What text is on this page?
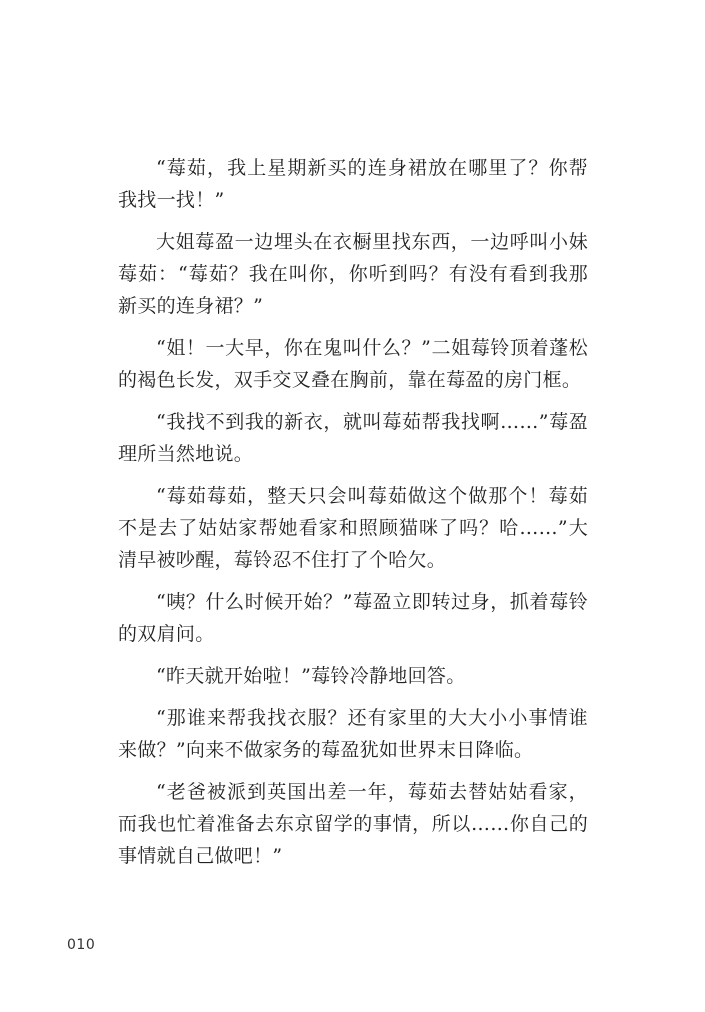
“莓茹，我上星期新买的连身裙放在哪里了？你帮我找一找！”

大姐莓盈一边埋头在衣橱里找东西，一边呼叫小妹莓茹：“莓茹？我在叫你，你听到吗？有没有看到我那新买的连身裙？”

“姐！一大早，你在鬼叫什么？”二姐莓铃顶着蓬松的褐色长发，双手交叉叠在胸前，靠在莓盈的房门框。

“我找不到我的新衣，就叫莓茹帮我找啊……”莓盈理所当然地说。

“莓茹莓茹，整天只会叫莓茹做这个做那个！莓茹不是去了姑姑家帮她看家和照顾猫咪了吗？哈……”大清早被吵醒，莓铃忍不住打了个哈欠。

“咦？什么时候开始？”莓盈立即转过身，抓着莓铃的双肩问。

“昨天就开始啦！”莓铃冷静地回答。

“那谁来帮我找衣服？还有家里的大大小小事情谁来做？”向来不做家务的莓盈犹如世界末日降临。

“老爸被派到英国出差一年，莓茹去替姑姑看家，而我也忙着准备去东京留学的事情，所以……你自己的事情就自己做吧！”

010
